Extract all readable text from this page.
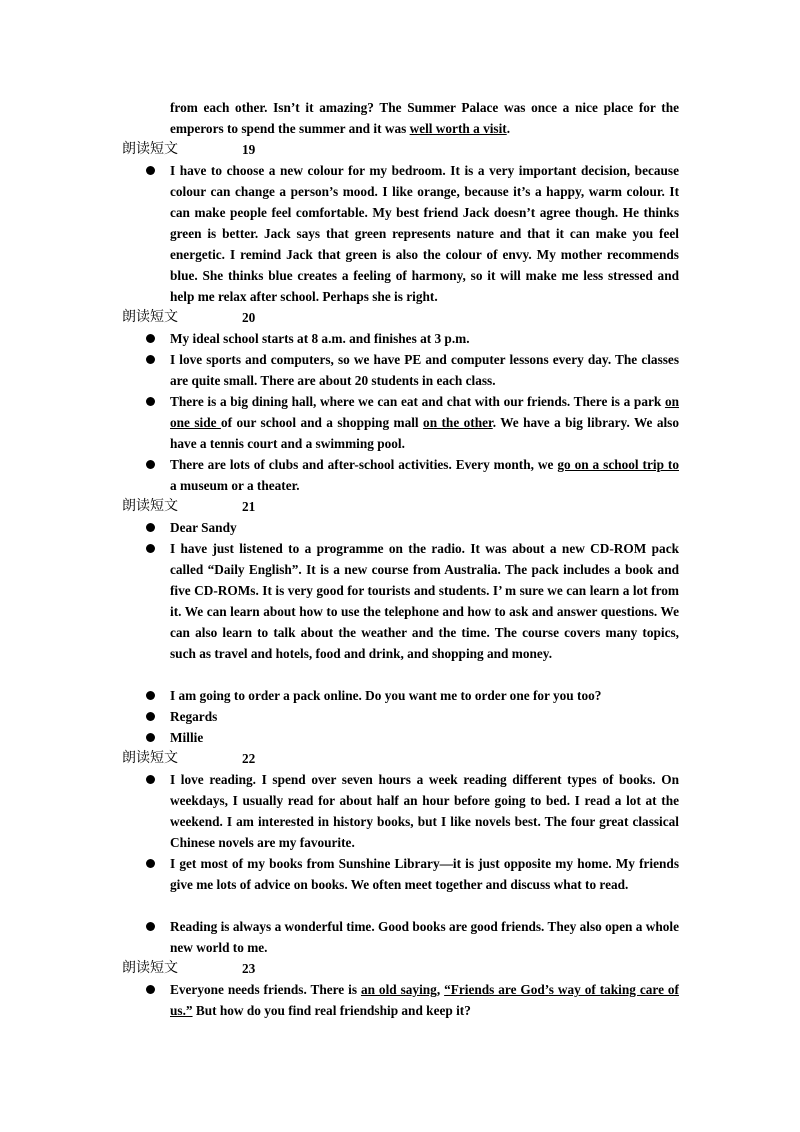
from each other. Isn’t it amazing? The Summer Palace was once a nice place for the emperors to spend the summer and it was well worth a visit.
朗读短文	19
I have to choose a new colour for my bedroom. It is a very important decision, because colour can change a person’s mood. I like orange, because it’s a happy, warm colour. It can make people feel comfortable. My best friend Jack doesn’t agree though. He thinks green is better. Jack says that green represents nature and that it can make you feel energetic. I remind Jack that green is also the colour of envy. My mother recommends blue. She thinks blue creates a feeling of harmony, so it will make me less stressed and help me relax after school. Perhaps she is right.
朗读短文	20
My ideal school starts at 8 a.m. and finishes at 3 p.m.
I love sports and computers, so we have PE and computer lessons every day. The classes are quite small. There are about 20 students in each class.
There is a big dining hall, where we can eat and chat with our friends. There is a park on one side of our school and a shopping mall on the other. We have a big library. We also have a tennis court and a swimming pool.
There are lots of clubs and after-school activities. Every month, we go on a school trip to a museum or a theater.
朗读短文	21
Dear Sandy
I have just listened to a programme on the radio. It was about a new CD-ROM pack called “Daily English”. It is a new course from Australia. The pack includes a book and five CD-ROMs. It is very good for tourists and students. I’ m sure we can learn a lot from it. We can learn about how to use the telephone and how to ask and answer questions. We can also learn to talk about the weather and the time. The course covers many topics, such as travel and hotels, food and drink, and shopping and money.
I am going to order a pack online. Do you want me to order one for you too?
Regards
Millie
朗读短文	22
I love reading. I spend over seven hours a week reading different types of books. On weekdays, I usually read for about half an hour before going to bed. I read a lot at the weekend. I am interested in history books, but I like novels best. The four great classical Chinese novels are my favourite.
I get most of my books from Sunshine Library—it is just opposite my home. My friends give me lots of advice on books. We often meet together and discuss what to read.
Reading is always a wonderful time. Good books are good friends. They also open a whole new world to me.
朗读短文	23
Everyone needs friends. There is an old saying, “Friends are God’s way of taking care of us.” But how do you find real friendship and keep it?
